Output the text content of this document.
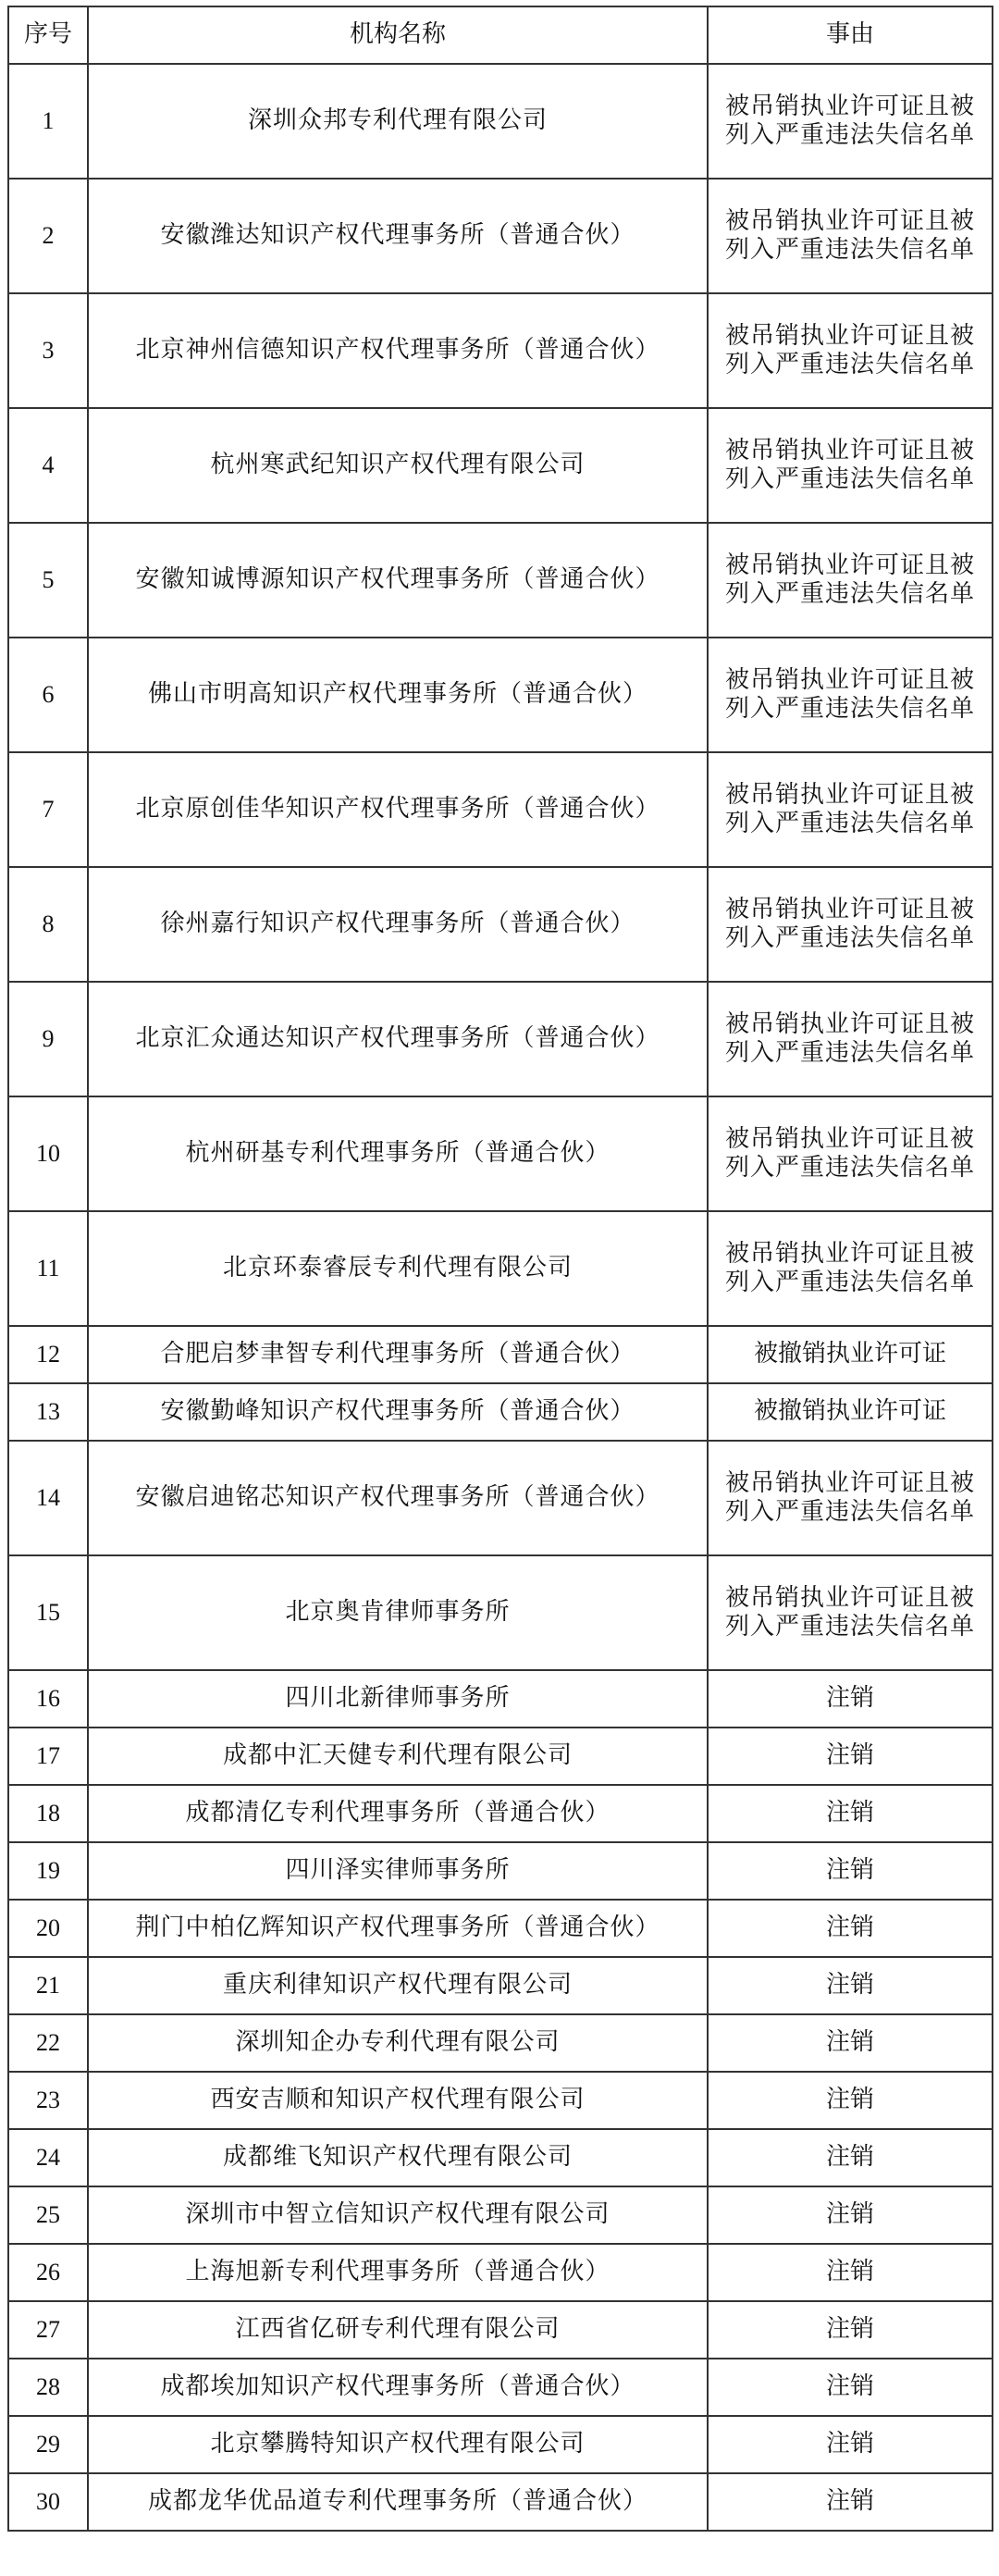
序号	机构名称	事由
1	深圳众邦专利代理有限公司	被吊销执业许可证且被
列入严重违法失信名单
2	安徽潍达知识产权代理事务所（普通合伙）	被吊销执业许可证且被
列入严重违法失信名单
3	北京神州信德知识产权代理事务所（普通合伙）	被吊销执业许可证且被
列入严重违法失信名单
4	杭州寒武纪知识产权代理有限公司	被吊销执业许可证且被
列入严重违法失信名单
5	安徽知诚博源知识产权代理事务所（普通合伙）	被吊销执业许可证且被
列入严重违法失信名单
6	佛山市明高知识产权代理事务所（普通合伙）	被吊销执业许可证且被
列入严重违法失信名单
7	北京原创佳华知识产权代理事务所（普通合伙）	被吊销执业许可证且被
列入严重违法失信名单
8	徐州嘉行知识产权代理事务所（普通合伙）	被吊销执业许可证且被
列入严重违法失信名单
9	北京汇众通达知识产权代理事务所（普通合伙）	被吊销执业许可证且被
列入严重违法失信名单
10	杭州研基专利代理事务所（普通合伙）	被吊销执业许可证且被
列入严重违法失信名单
11	北京环泰睿辰专利代理有限公司	被吊销执业许可证且被
列入严重违法失信名单
12	合肥启梦聿智专利代理事务所（普通合伙）	被撤销执业许可证
13	安徽勤峰知识产权代理事务所（普通合伙）	被撤销执业许可证
14	安徽启迪铭芯知识产权代理事务所（普通合伙）	被吊销执业许可证且被
列入严重违法失信名单
15	北京奥肯律师事务所	被吊销执业许可证且被
列入严重违法失信名单
16	四川北新律师事务所	注销
17	成都中汇天健专利代理有限公司	注销
18	成都清亿专利代理事务所（普通合伙）	注销
19	四川泽实律师事务所	注销
20	荆门中柏亿辉知识产权代理事务所（普通合伙）	注销
21	重庆利律知识产权代理有限公司	注销
22	深圳知企办专利代理有限公司	注销
23	西安吉顺和知识产权代理有限公司	注销
24	成都维飞知识产权代理有限公司	注销
25	深圳市中智立信知识产权代理有限公司	注销
26	上海旭新专利代理事务所（普通合伙）	注销
27	江西省亿研专利代理有限公司	注销
28	成都埃加知识产权代理事务所（普通合伙）	注销
29	北京攀腾特知识产权代理有限公司	注销
30	成都龙华优品道专利代理事务所（普通合伙）	注销
